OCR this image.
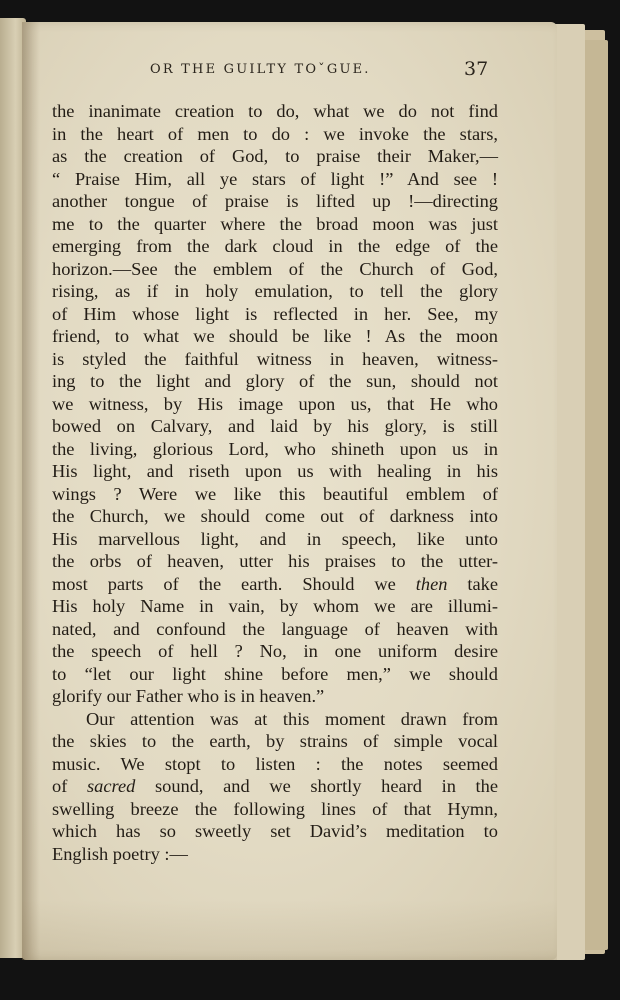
OR THE GUILTY TOˇGUE.	37
the inanimate creation to do, what we do not find
in the heart of men to do : we invoke the stars,
as the creation of God, to praise their Maker,—
“ Praise Him, all ye stars of light !” And see !
another tongue of praise is lifted up !—directing
me to the quarter where the broad moon was just
emerging from the dark cloud in the edge of the
horizon.—See the emblem of the Church of God,
rising, as if in holy emulation, to tell the glory
of Him whose light is reflected in her. See, my
friend, to what we should be like ! As the moon
is styled the faithful witness in heaven, witness-
ing to the light and glory of the sun, should not
we witness, by His image upon us, that He who
bowed on Calvary, and laid by his glory, is still
the living, glorious Lord, who shineth upon us in
His light, and riseth upon us with healing in his
wings ? Were we like this beautiful emblem of
the Church, we should come out of darkness into
His marvellous light, and in speech, like unto
the orbs of heaven, utter his praises to the utter-
most parts of the earth. Should we then take
His holy Name in vain, by whom we are illumi-
nated, and confound the language of heaven with
the speech of hell ? No, in one uniform desire
to “let our light shine before men,” we should
glorify our Father who is in heaven.”
Our attention was at this moment drawn from
the skies to the earth, by strains of simple vocal
music. We stopt to listen : the notes seemed
of sacred sound, and we shortly heard in the
swelling breeze the following lines of that Hymn,
which has so sweetly set David’s meditation to
English poetry :—
